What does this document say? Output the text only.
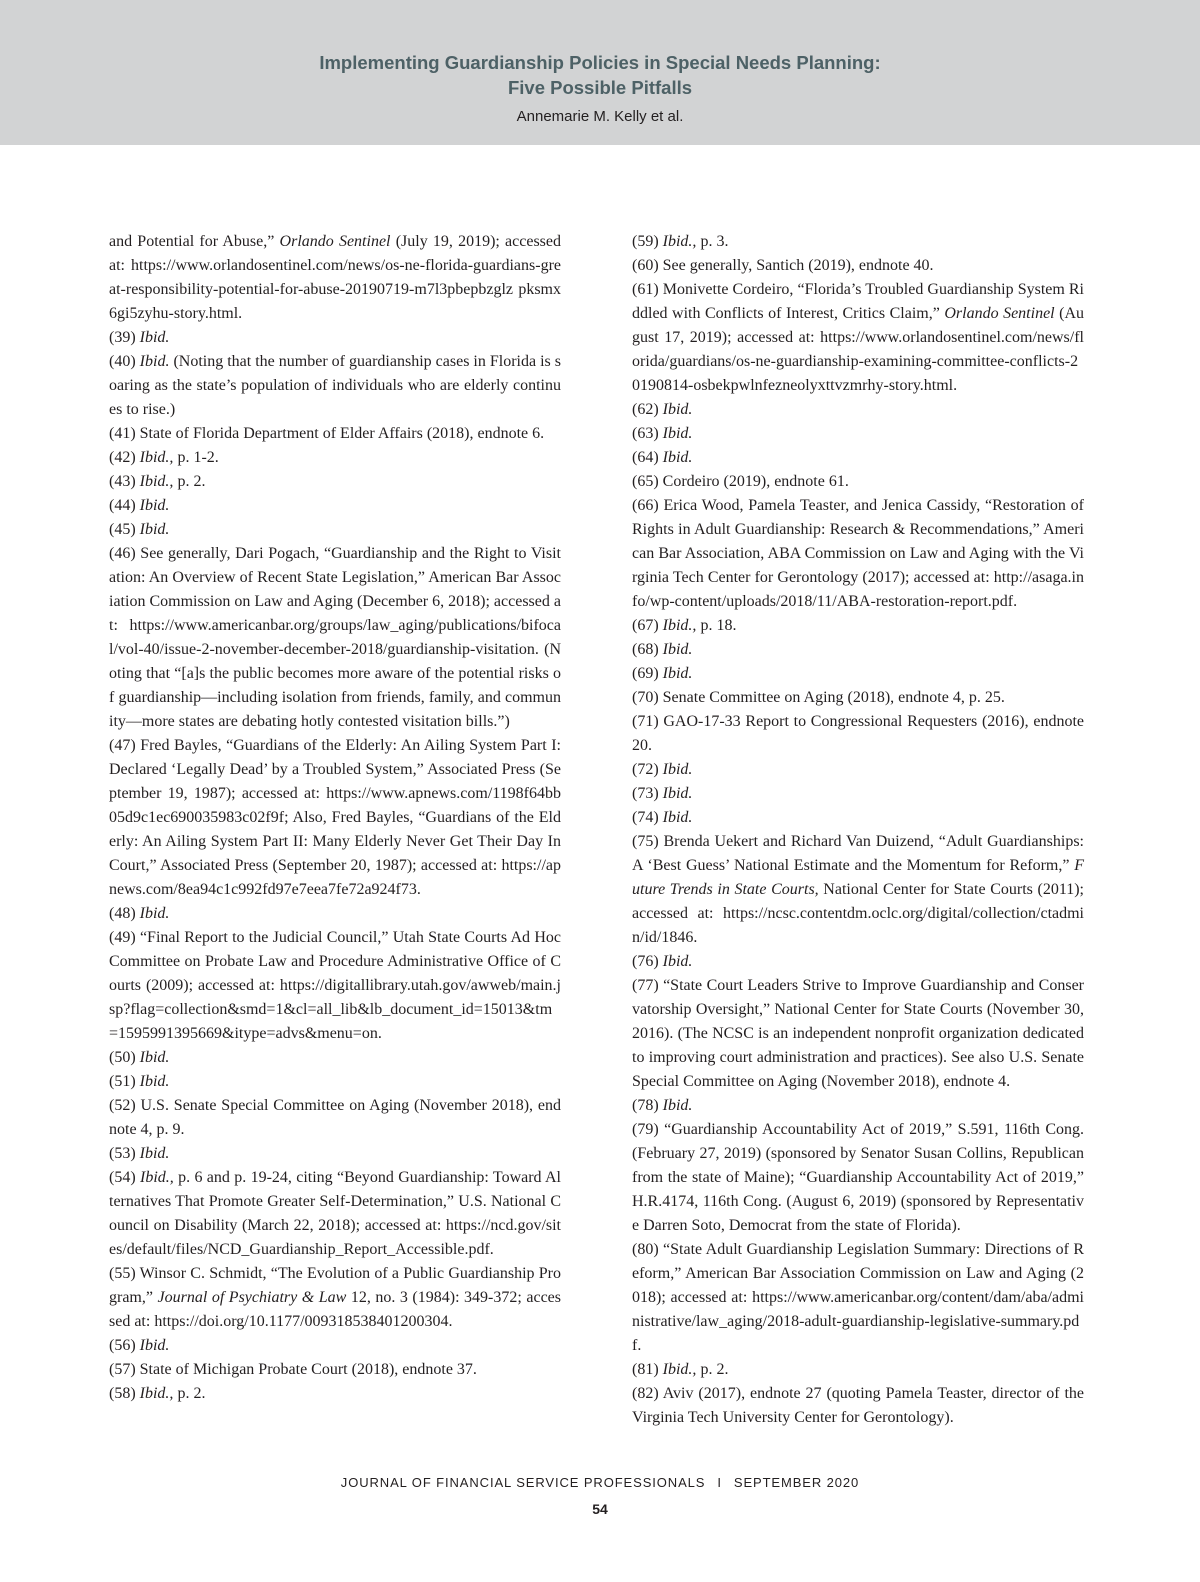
Implementing Guardianship Policies in Special Needs Planning:
Five Possible Pitfalls
Annemarie M. Kelly et al.

and Potential for Abuse,” Orlando Sentinel (July 19, 2019); accessed at: https://www.orlandosentinel.com/news/os-ne-florida-guardians-great-responsibility-potential-for-abuse-20190719-m7l3pbepbzglz pksmx6gi5zyhu-story.html.

(39) Ibid.

(40) Ibid. (Noting that the number of guardianship cases in Florida is soaring as the state’s population of individuals who are elderly continues to rise.)

(41) State of Florida Department of Elder Affairs (2018), endnote 6.

(42) Ibid., p. 1-2.

(43) Ibid., p. 2.

(44) Ibid.

(45) Ibid.

(46) See generally, Dari Pogach, “Guardianship and the Right to Visitation: An Overview of Recent State Legislation,” American Bar Association Commission on Law and Aging (December 6, 2018); accessed at: https://www.americanbar.org/groups/law_aging/publications/bifocal/vol-40/issue-2-november-december-2018/guardianship-visitation. (Noting that “[a]s the public becomes more aware of the potential risks of guardianship—including isolation from friends, family, and community—more states are debating hotly contested visitation bills.”)

(47) Fred Bayles, “Guardians of the Elderly: An Ailing System Part I: Declared ‘Legally Dead’ by a Troubled System,” Associated Press (September 19, 1987); accessed at: https://www.apnews.com/1198f64bb 05d9c1ec690035983c02f9f; Also, Fred Bayles, “Guardians of the Elderly: An Ailing System Part II: Many Elderly Never Get Their Day In Court,” Associated Press (September 20, 1987); accessed at: https://apnews.com/8ea94c1c992fd97e7eea7fe72a924f73.

(48) Ibid.

(49) “Final Report to the Judicial Council,” Utah State Courts Ad Hoc Committee on Probate Law and Procedure Administrative Office of Courts (2009); accessed at: https://digitallibrary.utah.gov/awweb/main.jsp?flag=collection&smd=1&cl=all_lib&lb_document_id=15013&tm=1595991395669&itype=advs&menu=on.

(50) Ibid.

(51) Ibid.

(52) U.S. Senate Special Committee on Aging (November 2018), endnote 4, p. 9.

(53) Ibid.

(54) Ibid., p. 6 and p. 19-24, citing “Beyond Guardianship: Toward Alternatives That Promote Greater Self-Determination,” U.S. National Council on Disability (March 22, 2018); accessed at: https://ncd.gov/sites/default/files/NCD_Guardianship_Report_Accessible.pdf.

(55) Winsor C. Schmidt, “The Evolution of a Public Guardianship Program,” Journal of Psychiatry & Law 12, no. 3 (1984): 349-372; accessed at: https://doi.org/10.1177/009318538401200304.

(56) Ibid.

(57) State of Michigan Probate Court (2018), endnote 37.

(58) Ibid., p. 2.

(59) Ibid., p. 3.

(60) See generally, Santich (2019), endnote 40.

(61) Monivette Cordeiro, “Florida’s Troubled Guardianship System Riddled with Conflicts of Interest, Critics Claim,” Orlando Sentinel (August 17, 2019); accessed at: https://www.orlandosentinel.com/news/florida/guardians/os-ne-guardianship-examining-committee-conflicts-20190814-osbekpwlnfezneolyxttvzmrhy-story.html.

(62) Ibid.

(63) Ibid.

(64) Ibid.

(65) Cordeiro (2019), endnote 61.

(66) Erica Wood, Pamela Teaster, and Jenica Cassidy, “Restoration of Rights in Adult Guardianship: Research & Recommendations,” American Bar Association, ABA Commission on Law and Aging with the Virginia Tech Center for Gerontology (2017); accessed at: http://asaga.info/wp-content/uploads/2018/11/ABA-restoration-report.pdf.

(67) Ibid., p. 18.

(68) Ibid.

(69) Ibid.

(70) Senate Committee on Aging (2018), endnote 4, p. 25.

(71) GAO-17-33 Report to Congressional Requesters (2016), endnote 20.

(72) Ibid.

(73) Ibid.

(74) Ibid.

(75) Brenda Uekert and Richard Van Duizend, “Adult Guardianships: A ‘Best Guess’ National Estimate and the Momentum for Reform,” Future Trends in State Courts, National Center for State Courts (2011); accessed at: https://ncsc.contentdm.oclc.org/digital/collection/ctadmin/id/1846.

(76) Ibid.

(77) “State Court Leaders Strive to Improve Guardianship and Conservatorship Oversight,” National Center for State Courts (November 30, 2016). (The NCSC is an independent nonprofit organization dedicated to improving court administration and practices). See also U.S. Senate Special Committee on Aging (November 2018), endnote 4.

(78) Ibid.

(79) “Guardianship Accountability Act of 2019,” S.591, 116th Cong. (February 27, 2019) (sponsored by Senator Susan Collins, Republican from the state of Maine); “Guardianship Accountability Act of 2019,” H.R.4174, 116th Cong. (August 6, 2019) (sponsored by Representative Darren Soto, Democrat from the state of Florida).

(80) “State Adult Guardianship Legislation Summary: Directions of Reform,” American Bar Association Commission on Law and Aging (2018); accessed at: https://www.americanbar.org/content/dam/aba/administrative/law_aging/2018-adult-guardianship-legislative-summary.pdf.

(81) Ibid., p. 2.

(82) Aviv (2017), endnote 27 (quoting Pamela Teaster, director of the Virginia Tech University Center for Gerontology).

JOURNAL OF FINANCIAL SERVICE PROFESSIONALS I SEPTEMBER 2020
54
